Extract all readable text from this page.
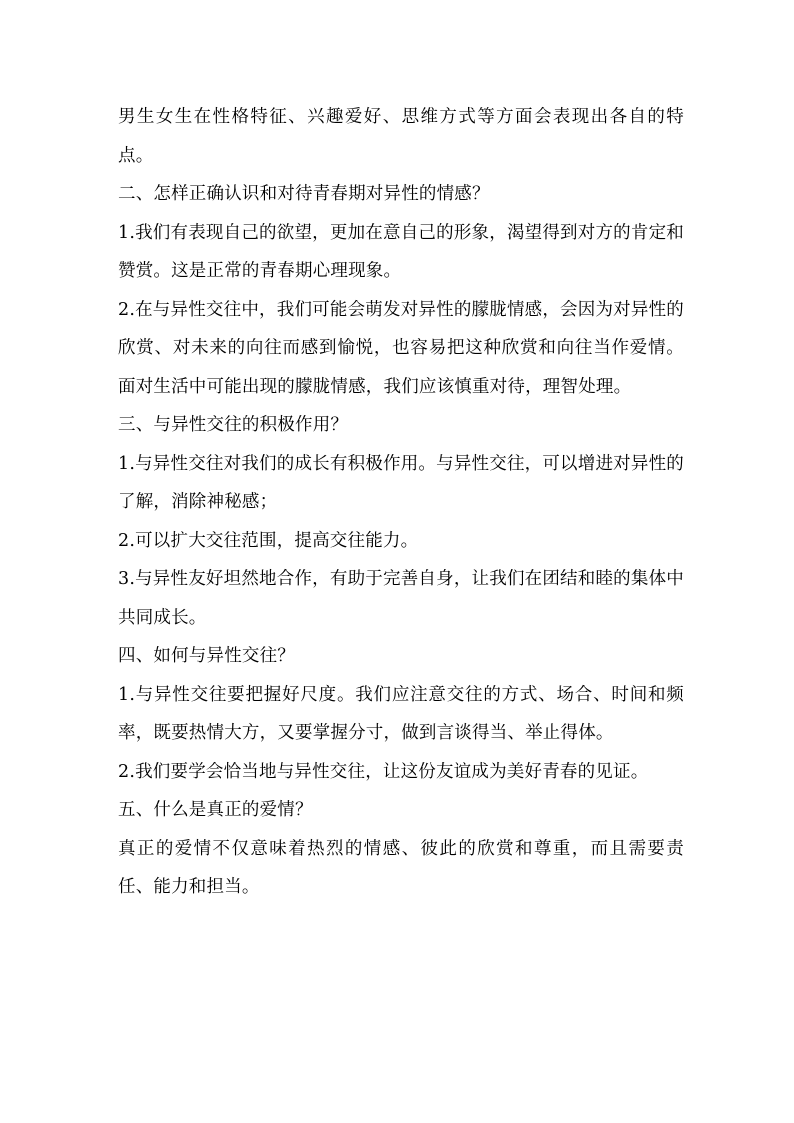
男生女生在性格特征、兴趣爱好、思维方式等方面会表现出各自的特点。

二、怎样正确认识和对待青春期对异性的情感？

1.我们有表现自己的欲望，更加在意自己的形象，渴望得到对方的肯定和赞赏。这是正常的青春期心理现象。

2.在与异性交往中，我们可能会萌发对异性的朦胧情感，会因为对异性的欣赏、对未来的向往而感到愉悦，也容易把这种欣赏和向往当作爱情。面对生活中可能出现的朦胧情感，我们应该慎重对待，理智处理。

三、与异性交往的积极作用？

1.与异性交往对我们的成长有积极作用。与异性交往，可以增进对异性的了解，消除神秘感；

2.可以扩大交往范围，提高交往能力。

3.与异性友好坦然地合作，有助于完善自身，让我们在团结和睦的集体中共同成长。

四、如何与异性交往？

1.与异性交往要把握好尺度。我们应注意交往的方式、场合、时间和频率，既要热情大方，又要掌握分寸，做到言谈得当、举止得体。

2.我们要学会恰当地与异性交往，让这份友谊成为美好青春的见证。

五、什么是真正的爱情？

真正的爱情不仅意味着热烈的情感、彼此的欣赏和尊重，而且需要责任、能力和担当。
